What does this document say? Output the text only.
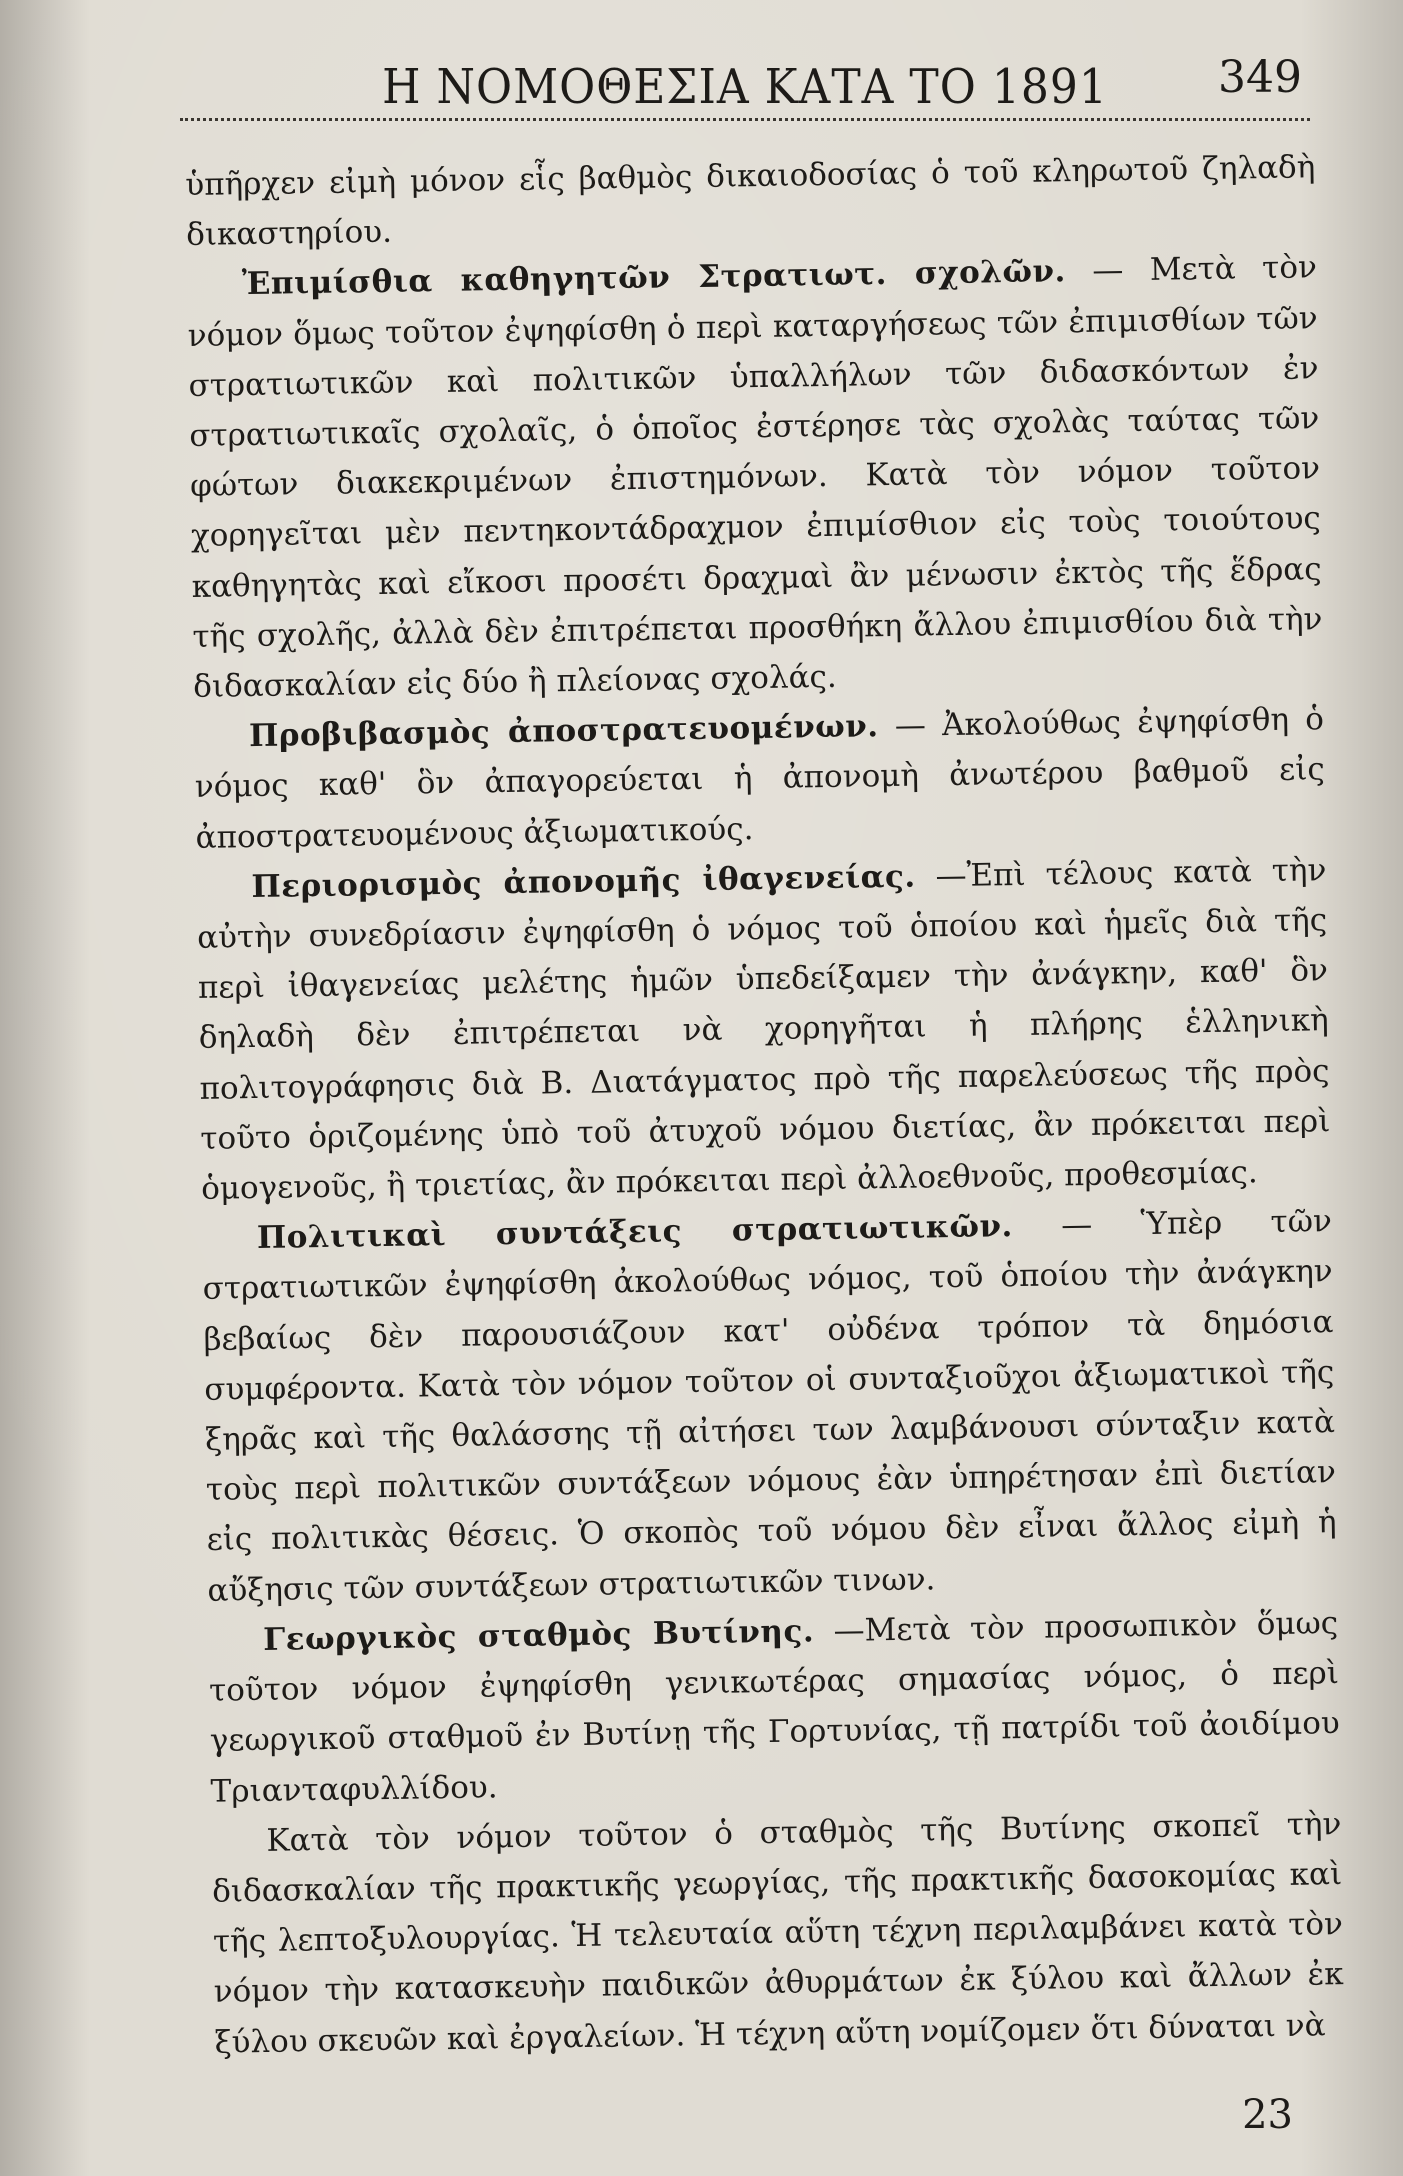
Η ΝΟΜΟΘΕΣΙΑ ΚΑΤΑ ΤΟ 1891	349

ὑπῆρχεν εἰμὴ μόνον εἷς βαθμὸς δικαιοδοσίας ὁ τοῦ κληρωτοῦ ζηλαδὴ δικαστηρίου.

Ἐπιμίσθια καθηγητῶν Στρατιωτ. σχολῶν. — Μετὰ τὸν νόμον ὅμως τοῦτον ἐψηφίσθη ὁ περὶ καταργήσεως τῶν ἐπιμισθίων τῶν στρατιωτικῶν καὶ πολιτικῶν ὑπαλλήλων τῶν διδασκόντων ἐν στρατιωτικαῖς σχολαῖς, ὁ ὁποῖος ἐστέρησε τὰς σχολὰς ταύτας τῶν φώτων διακεκριμένων ἐπιστημόνων. Κατὰ τὸν νόμον τοῦτον χορηγεῖται μὲν πεντηκοντάδραχμον ἐπιμίσθιον εἰς τοὺς τοιούτους καθηγητὰς καὶ εἴκοσι προσέτι δραχμαὶ ἂν μένωσιν ἐκτὸς τῆς ἕδρας τῆς σχολῆς, ἀλλὰ δὲν ἐπιτρέπεται προσθήκη ἄλλου ἐπιμισθίου διὰ τὴν διδασκαλίαν εἰς δύο ἢ πλείονας σχολάς.

Προβιβασμὸς ἀποστρατευομένων. — Ἀκολούθως ἐψηφίσθη ὁ νόμος καθ' ὃν ἀπαγορεύεται ἡ ἀπονομὴ ἀνωτέρου βαθμοῦ εἰς ἀποστρατευομένους ἀξιωματικούς.

Περιορισμὸς ἀπονομῆς ἰθαγενείας. —Ἐπὶ τέλους κατὰ τὴν αὐτὴν συνεδρίασιν ἐψηφίσθη ὁ νόμος τοῦ ὁποίου καὶ ἡμεῖς διὰ τῆς περὶ ἰθαγενείας μελέτης ἡμῶν ὑπεδείξαμεν τὴν ἀνάγκην, καθ' ὃν δηλαδὴ δὲν ἐπιτρέπεται νὰ χορηγῆται ἡ πλήρης ἑλληνικὴ πολιτογράφησις διὰ Β. Διατάγματος πρὸ τῆς παρελεύσεως τῆς πρὸς τοῦτο ὁριζομένης ὑπὸ τοῦ ἀτυχοῦ νόμου διετίας, ἂν πρόκειται περὶ ὁμογενοῦς, ἢ τριετίας, ἂν πρόκειται περὶ ἀλλοεθνοῦς, προθεσμίας.

Πολιτικαὶ συντάξεις στρατιωτικῶν. — Ὑπὲρ τῶν στρατιωτικῶν ἐψηφίσθη ἀκολούθως νόμος, τοῦ ὁποίου τὴν ἀνάγκην βεβαίως δὲν παρουσιάζουν κατ' οὐδένα τρόπον τὰ δημόσια συμφέροντα. Κατὰ τὸν νόμον τοῦτον οἱ συνταξιοῦχοι ἀξιωματικοὶ τῆς ξηρᾶς καὶ τῆς θαλάσσης τῇ αἰτήσει των λαμβάνουσι σύνταξιν κατὰ τοὺς περὶ πολιτικῶν συντάξεων νόμους ἐὰν ὑπηρέτησαν ἐπὶ διετίαν εἰς πολιτικὰς θέσεις. Ὁ σκοπὸς τοῦ νόμου δὲν εἶναι ἄλλος εἰμὴ ἡ αὔξησις τῶν συντάξεων στρατιωτικῶν τινων.

Γεωργικὸς σταθμὸς Βυτίνης. —Μετὰ τὸν προσωπικὸν ὅμως τοῦτον νόμον ἐψηφίσθη γενικωτέρας σημασίας νόμος, ὁ περὶ γεωργικοῦ σταθμοῦ ἐν Βυτίνῃ τῆς Γορτυνίας, τῇ πατρίδι τοῦ ἀοιδίμου Τριανταφυλλίδου.

Κατὰ τὸν νόμον τοῦτον ὁ σταθμὸς τῆς Βυτίνης σκοπεῖ τὴν διδασκαλίαν τῆς πρακτικῆς γεωργίας, τῆς πρακτικῆς δασοκομίας καὶ τῆς λεπτοξυλουργίας. Ἡ τελευταία αὕτη τέχνη περιλαμβάνει κατὰ τὸν νόμον τὴν κατασκευὴν παιδικῶν ἀθυρμάτων ἐκ ξύλου καὶ ἄλλων ἐκ ξύλου σκευῶν καὶ ἐργαλείων. Ἡ τέχνη αὕτη νομίζομεν ὅτι δύναται νὰ

23
